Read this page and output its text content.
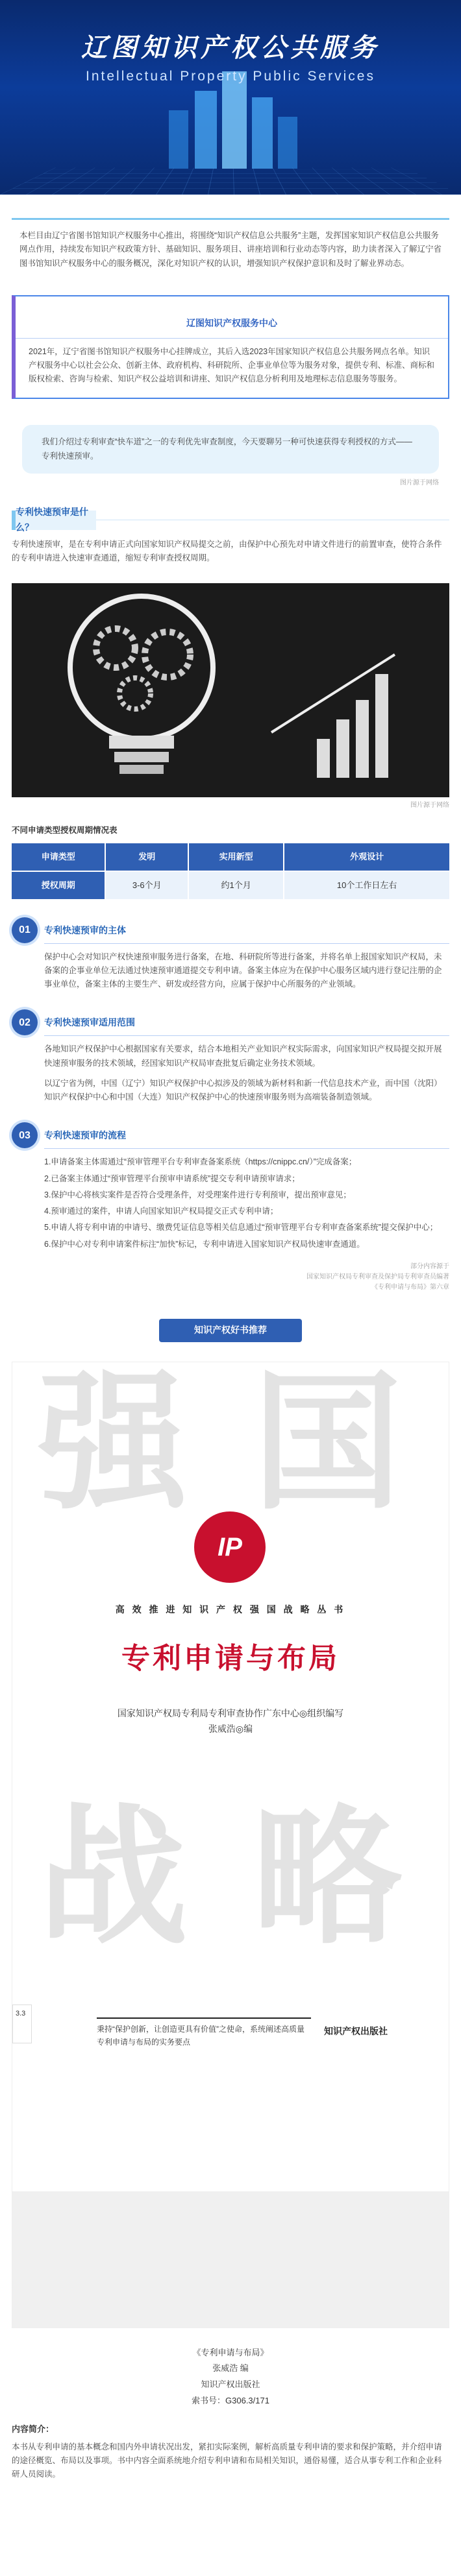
辽图知识产权公共服务
Intellectual Property Public Services
本栏目由辽宁省图书馆知识产权服务中心推出，将围绕“知识产权信息公共服务”主题，发挥国家知识产权信息公共服务网点作用，持续发布知识产权政策方针、基础知识、服务项目、讲座培训和行业动态等内容，助力读者深入了解辽宁省图书馆知识产权服务中心的服务概况，深化对知识产权的认识，增强知识产权保护意识和及时了解业界动态。
辽图知识产权服务中心
2021年，辽宁省图书馆知识产权服务中心挂牌成立，其后入选2023年国家知识产权信息公共服务网点名单。知识产权服务中心以社会公众、创新主体、政府机构、科研院所、企事业单位等为服务对象，提供专利、标准、商标和版权检索、咨询与检索、知识产权公益培训和讲座、知识产权信息分析利用及地理标志信息服务等服务。
我们介绍过专利审查“快车道”之一的专利优先审查制度，今天要聊另一种可快速获得专利授权的方式——专利快速预审。
图片源于网络
专利快速预审是什么？
专利快速预审，是在专利申请正式向国家知识产权局提交之前，由保护中心预先对申请文件进行的前置审查，使符合条件的专利申请进入快速审查通道，缩短专利审查授权周期。
图片源于网络
不同申请类型授权周期情况表
申请类型	发明	实用新型	外观设计
授权周期	3-6个月	约1个月	10个工作日左右
01	专利快速预审的主体

保护中心会对知识产权快速预审服务进行备案，在地、科研院所等进行备案，并将名单上报国家知识产权局，未备案的企事业单位无法通过快速预审通道提交专利申请。备案主体应为在保护中心服务区域内进行登记注册的企事业单位，备案主体的主要生产、研发或经营方向，应属于保护中心所服务的产业领域。

02	专利快速预审适用范围

各地知识产权保护中心根据国家有关要求，结合本地相关产业知识产权实际需求，向国家知识产权局提交拟开展快速预审服务的技术领域，经国家知识产权局审查批复后确定业务技术领域。

以辽宁省为例，中国（辽宁）知识产权保护中心拟涉及的领域为新材料和新一代信息技术产业，而中国（沈阳）知识产权保护中心和中国（大连）知识产权保护中心的快速预审服务则为高端装备制造领域。

03	专利快速预审的流程
1.申请备案主体需通过“预审管理平台专利审查备案系统（https://cnippc.cn/）”完成备案；
2.已备案主体通过“预审管理平台预审申请系统”提交专利申请预审请求；
3.保护中心将核实案件是否符合受理条件，对受理案件进行专利预审，提出预审意见；
4.预审通过的案件，申请人向国家知识产权局提交正式专利申请；
5.申请人将专利申请的申请号、缴费凭证信息等相关信息通过“预审管理平台专利审查备案系统”提交保护中心；
6.保护中心对专利申请案件标注“加快”标记，专利申请进入国家知识产权局快速审查通道。
部分内容源于
国家知识产权局专利审查及保护局专利审查员编著
《专利申请与布局》第六章
知识产权好书推荐
强 国
战 略
IP
高 效 推 进 知 识 产 权 强 国 战 略 丛 书
专利申请与布局
国家知识产权局专利局专利审查协作广东中心◎组织编写
张威浩◎编
3.3
秉持“保护创新，让创造更具有价值”之使命，系统阐述高质量专利申请与布局的实务要点
知识产权出版社
《专利申请与布局》
张威浩 编
知识产权出版社
索书号：G306.3/171
内容简介：
本书从专利申请的基本概念和国内外申请状况出发，紧扣实际案例，解析高质量专利申请的要求和保护策略，并介绍申请的途径概览、布局以及事项。书中内容全面系统地介绍专利申请和布局相关知识，通俗易懂，适合从事专利工作和企业科研人员阅读。
